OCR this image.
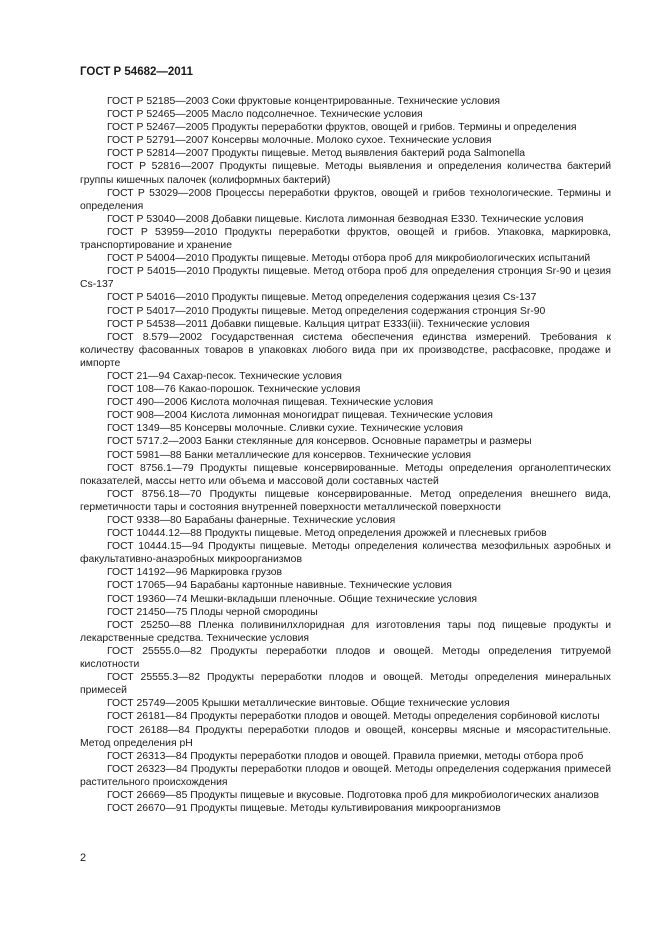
ГОСТ Р 54682—2011
ГОСТ Р 52185—2003 Соки фруктовые концентрированные. Технические условия
ГОСТ Р 52465—2005 Масло подсолнечное. Технические условия
ГОСТ Р 52467—2005 Продукты переработки фруктов, овощей и грибов. Термины и определения
ГОСТ Р 52791—2007 Консервы молочные. Молоко сухое. Технические условия
ГОСТ Р 52814—2007 Продукты пищевые. Метод выявления бактерий рода Salmonella
ГОСТ Р 52816—2007 Продукты пищевые. Методы выявления и определения количества бактерий группы кишечных палочек (колиформных бактерий)
ГОСТ Р 53029—2008 Процессы переработки фруктов, овощей и грибов технологические. Термины и определения
ГОСТ Р 53040—2008 Добавки пищевые. Кислота лимонная безводная Е330. Технические условия
ГОСТ Р 53959—2010 Продукты переработки фруктов, овощей и грибов. Упаковка, маркировка, транспортирование и хранение
ГОСТ Р 54004—2010 Продукты пищевые. Методы отбора проб для микробиологических испытаний
ГОСТ Р 54015—2010 Продукты пищевые. Метод отбора проб для определения стронция Sr-90 и цезия Cs-137
ГОСТ Р 54016—2010 Продукты пищевые. Метод определения содержания цезия Cs-137
ГОСТ Р 54017—2010 Продукты пищевые. Метод определения содержания стронция Sr-90
ГОСТ Р 54538—2011 Добавки пищевые. Кальция цитрат Е333(iii). Технические условия
ГОСТ 8.579—2002 Государственная система обеспечения единства измерений. Требования к количеству фасованных товаров в упаковках любого вида при их производстве, расфасовке, продаже и импорте
ГОСТ 21—94 Сахар-песок. Технические условия
ГОСТ 108—76 Какао-порошок. Технические условия
ГОСТ 490—2006 Кислота молочная пищевая. Технические условия
ГОСТ 908—2004 Кислота лимонная моногидрат пищевая. Технические условия
ГОСТ 1349—85 Консервы молочные. Сливки сухие. Технические условия
ГОСТ 5717.2—2003 Банки стеклянные для консервов. Основные параметры и размеры
ГОСТ 5981—88 Банки металлические для консервов. Технические условия
ГОСТ 8756.1—79 Продукты пищевые консервированные. Методы определения органолептических показателей, массы нетто или объема и массовой доли составных частей
ГОСТ 8756.18—70 Продукты пищевые консервированные. Метод определения внешнего вида, герметичности тары и состояния внутренней поверхности металлической поверхности
ГОСТ 9338—80 Барабаны фанерные. Технические условия
ГОСТ 10444.12—88 Продукты пищевые. Метод определения дрожжей и плесневых грибов
ГОСТ 10444.15—94 Продукты пищевые. Методы определения количества мезофильных аэробных и факультативно-анаэробных микроорганизмов
ГОСТ 14192—96 Маркировка грузов
ГОСТ 17065—94 Барабаны картонные навивные. Технические условия
ГОСТ 19360—74 Мешки-вкладыши пленочные. Общие технические условия
ГОСТ 21450—75 Плоды черной смородины
ГОСТ 25250—88 Пленка поливинилхлоридная для изготовления тары под пищевые продукты и лекарственные средства. Технические условия
ГОСТ 25555.0—82 Продукты переработки плодов и овощей. Методы определения титруемой кислотности
ГОСТ 25555.3—82 Продукты переработки плодов и овощей. Методы определения минеральных примесей
ГОСТ 25749—2005 Крышки металлические винтовые. Общие технические условия
ГОСТ 26181—84 Продукты переработки плодов и овощей. Методы определения сорбиновой кислоты
ГОСТ 26188—84 Продукты переработки плодов и овощей, консервы мясные и мясорастительные. Метод определения pH
ГОСТ 26313—84 Продукты переработки плодов и овощей. Правила приемки, методы отбора проб
ГОСТ 26323—84 Продукты переработки плодов и овощей. Методы определения содержания примесей растительного происхождения
ГОСТ 26669—85 Продукты пищевые и вкусовые. Подготовка проб для микробиологических анализов
ГОСТ 26670—91 Продукты пищевые. Методы культивирования микроорганизмов
2
